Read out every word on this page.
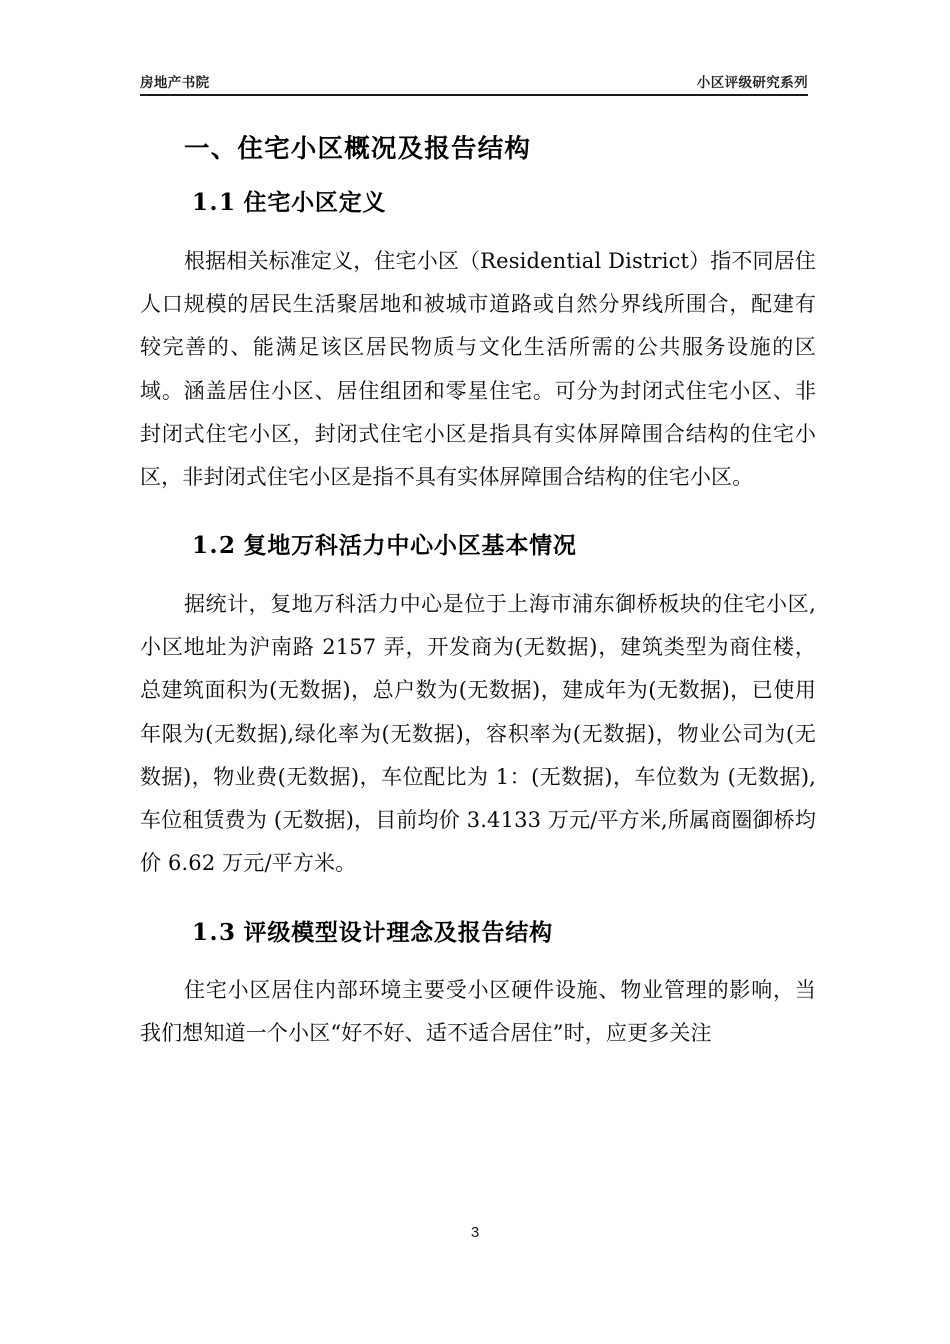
房地产书院	小区评级研究系列
一、住宅小区概况及报告结构
1.1 住宅小区定义

根据相关标准定义，住宅小区（Residential District）指不同居住人口规模的居民生活聚居地和被城市道路或自然分界线所围合，配建有较完善的、能满足该区居民物质与文化生活所需的公共服务设施的区域。涵盖居住小区、居住组团和零星住宅。可分为封闭式住宅小区、非封闭式住宅小区，封闭式住宅小区是指具有实体屏障围合结构的住宅小区，非封闭式住宅小区是指不具有实体屏障围合结构的住宅小区。

1.2 复地万科活力中心小区基本情况

据统计，复地万科活力中心是位于上海市浦东御桥板块的住宅小区,小区地址为沪南路 2157 弄，开发商为(无数据)，建筑类型为商住楼，总建筑面积为(无数据)，总户数为(无数据)，建成年为(无数据)，已使用年限为(无数据),绿化率为(无数据)，容积率为(无数据)，物业公司为(无数据)，物业费(无数据)，车位配比为 1：(无数据)，车位数为 (无数据),车位租赁费为 (无数据)，目前均价 3.4133 万元/平方米,所属商圈御桥均价 6.62 万元/平方米。

1.3 评级模型设计理念及报告结构

住宅小区居住内部环境主要受小区硬件设施、物业管理的影响，当我们想知道一个小区“好不好、适不适合居住”时，应更多关注

3
